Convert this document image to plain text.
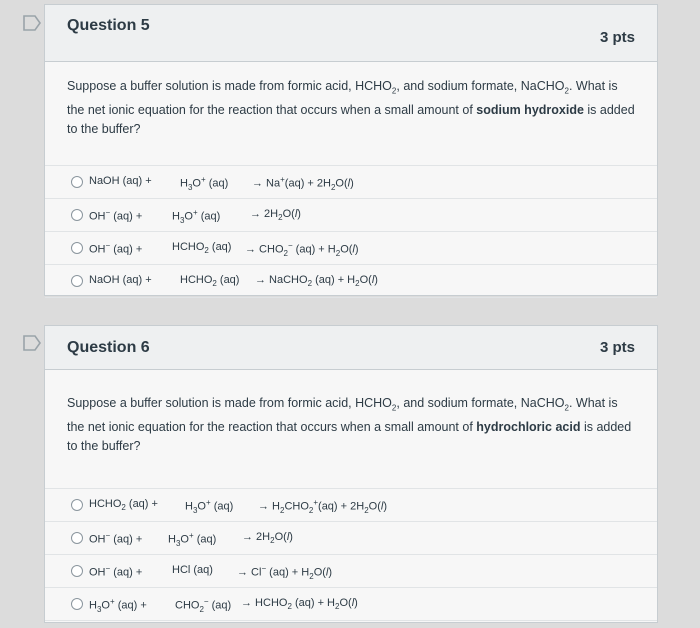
Question 5
3 pts
Suppose a buffer solution is made from formic acid, $HCHO_2$, and sodium formate, NaCHO$_2$. What is the net ionic equation for the reaction that occurs when a small amount of sodium hydroxide is added to the buffer?
NaOH (aq) +	$H_3O^+$ $(aq) \to Na^+(aq) + 2H_2O(l)$
OH− (aq) +	$H_3O^+$ (aq)	→ $2H_2O(l)$
OH− (aq) +	$HCHO_2$ $(aq) \to CHO_2^-$ $(aq) + H_2O(l)$
NaOH (aq) +	$HCHO_2$ (aq) → NaCHO$_2$ $(aq) + H_2O(l)$
Question 6	3 pts
Suppose a buffer solution is made from formic acid, $HCHO_2$, and sodium formate, NaCHO$_2$. What is the net ionic equation for the reaction that occurs when a small amount of hydrochloric acid is added to the buffer?
$HCHO_2$ $(aq) + H_3O^+$ $(aq) \to H_2CHO_2^+(aq) + 2H_2O(l)$
OH− $(aq) + H_3O^+$ $(aq) \to 2H_2O(l)$
OH− (aq) +	HCl (aq) → Cl− $(aq) + H_2O(l)$
$H_3O^+$ (aq) +	$CHO_2^-$ $(aq) \to HCHO_2$ $(aq) + H_2O(l)$
